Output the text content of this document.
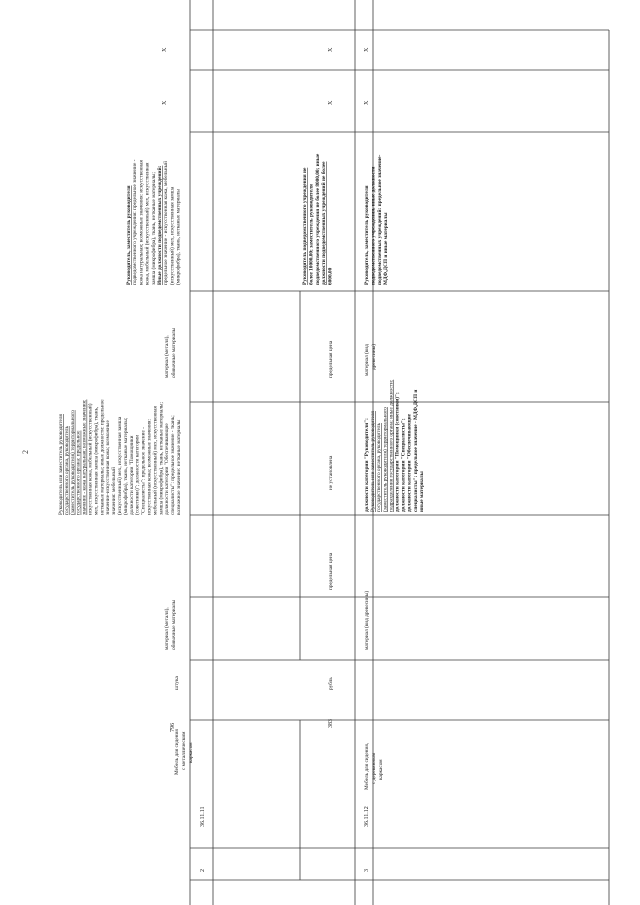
2
2
36.11.11
Мебель для сидения с металлическим каркасом
796
штука
материал (металл), обивочные материалы
Руководитель или заместитель руководителя государственного органа, руководитель (заместитель руководителя) территориального государственного органа: предельное значение - кожа натуральная; возможные значения: искусственная кожа, мебельный (искусственный) мех, искусственная замша (микрофибра), ткань, нетканые материалы; иные должности: предельное значение-искусственная кожа; возможные значения: мебельный (искусственный) мех, искусственная замша (микрофибра), ткань, нетканые материалы; должности категории "Помощники (советники)"; должности категории "Специалисты": предельное значение - искусственная кожа; возможные значения: мебельный (искусственный) мех, искусственная замша (микрофибра), ткань, нетканые материалы; должности категории "Обеспечивающие специалисты": предельное значение - ткань; возможное значение: нетканые материалы
материал (металл), обивочные материалы
Руководитель, заместитель руководителя подведомственного учреждения: предельное значение - кожа натуральная; возможные значения: искусственная кожа, мебельный (искусственный) мех, искусственная замша (микрофибра), ткань, нетканые материалы; Иные должности подведомственных учреждений: предельное значение - искусственная кожа, мебельный (искусственный) мех, искусственная замша (микрофибра), ткань, нетканые материалы
Х
Х
383
рубль
предельная цена
не установлена
предельная цена
Руководитель подведомственного учреждения не более 10000,00; заместитель руководителя подведомственного учреждения не более 8000,00; иные должности подведомственных учреждений не более 6000,00
Х
Х
3
36.11.12
Мебель для сидения, с деревянным каркасом
материал (вид древесины)
должности категории "Руководители": Руководитель или заместитель руководителя государственного органа, руководитель (заместитель руководителя) территориального подразделения государственного органа; иные должности: должности категории "Помощники (советники)"; должности категории "Специалисты"; должности категории "Обеспечивающие специалисты": предельное значение - МДФ,ДСП и иные материалы
материал (вид древесины)
Руководитель, заместитель руководителя подведомственного учреждения, иные должности подведомственных учреждений: предельное значение- МДФ,ДСП и иные материалы
Х
Х
